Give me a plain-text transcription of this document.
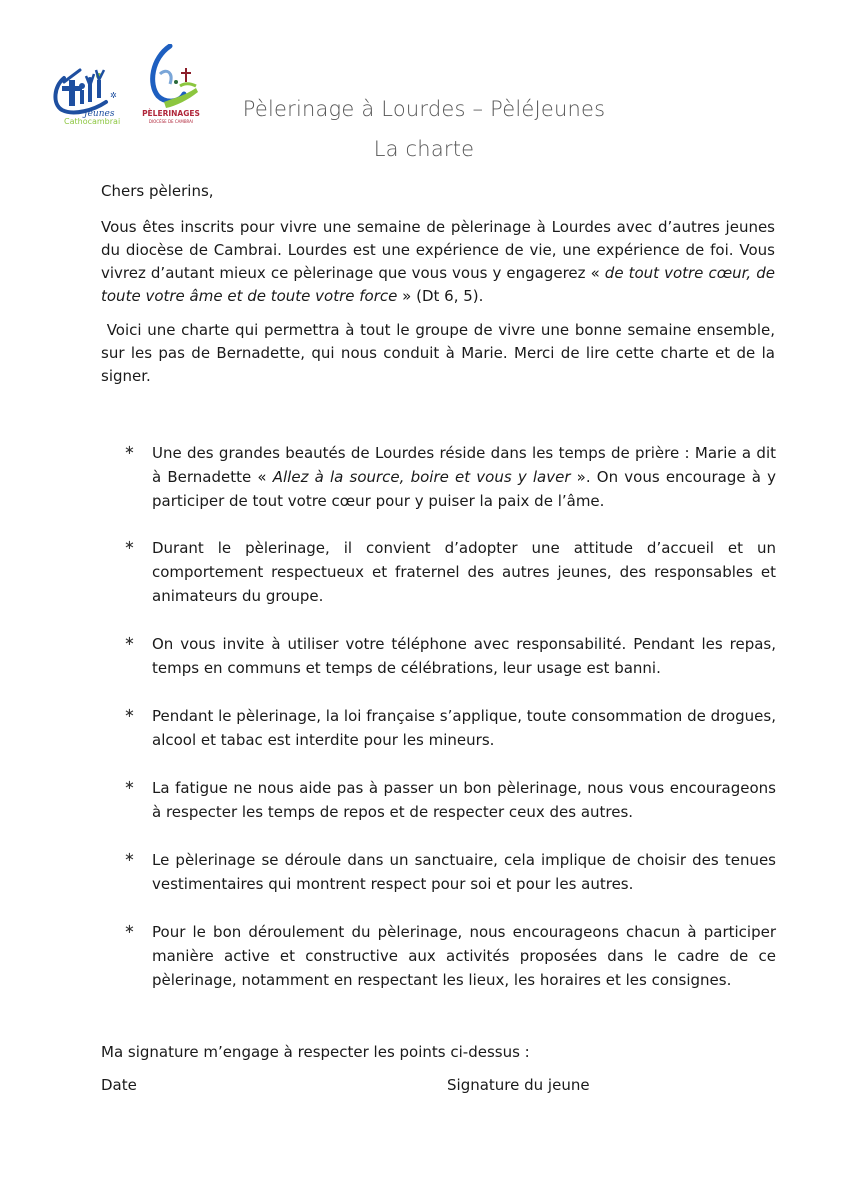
✲
Jeunes
Cathocambrai
PÈLERINAGES
DIOCÈSE DE CAMBRAI
Pèlerinage à Lourdes – PèléJeunes
La charte
Chers pèlerins,
Vous êtes inscrits pour vivre une semaine de pèlerinage à Lourdes avec d’autres jeunes du diocèse de Cambrai. Lourdes est une expérience de vie, une expérience de foi. Vous vivrez d’autant mieux ce pèlerinage que vous vous y engagerez « de tout votre cœur, de toute votre âme et de toute votre force » (Dt 6, 5).
Voici une charte qui permettra à tout le groupe de vivre une bonne semaine ensemble, sur les pas de Bernadette, qui nous conduit à Marie. Merci de lire cette charte et de la signer.
∗ Une des grandes beautés de Lourdes réside dans les temps de prière : Marie a dit à Bernadette « Allez à la source, boire et vous y laver ». On vous encourage à y participer de tout votre cœur pour y puiser la paix de l’âme.
∗ Durant le pèlerinage, il convient d’adopter une attitude d’accueil et un comportement respectueux et fraternel des autres jeunes, des responsables et animateurs du groupe.
∗ On vous invite à utiliser votre téléphone avec responsabilité. Pendant les repas, temps en communs et temps de célébrations, leur usage est banni.
∗ Pendant le pèlerinage, la loi française s’applique, toute consommation de drogues, alcool et tabac est interdite pour les mineurs.
∗ La fatigue ne nous aide pas à passer un bon pèlerinage, nous vous encourageons à respecter les temps de repos et de respecter ceux des autres.
∗ Le pèlerinage se déroule dans un sanctuaire, cela implique de choisir des tenues vestimentaires qui montrent respect pour soi et pour les autres.
∗ Pour le bon déroulement du pèlerinage, nous encourageons chacun à participer manière active et constructive aux activités proposées dans le cadre de ce pèlerinage, notamment en respectant les lieux, les horaires et les consignes.
Ma signature m’engage à respecter les points ci-dessus :
Date	Signature du jeune
